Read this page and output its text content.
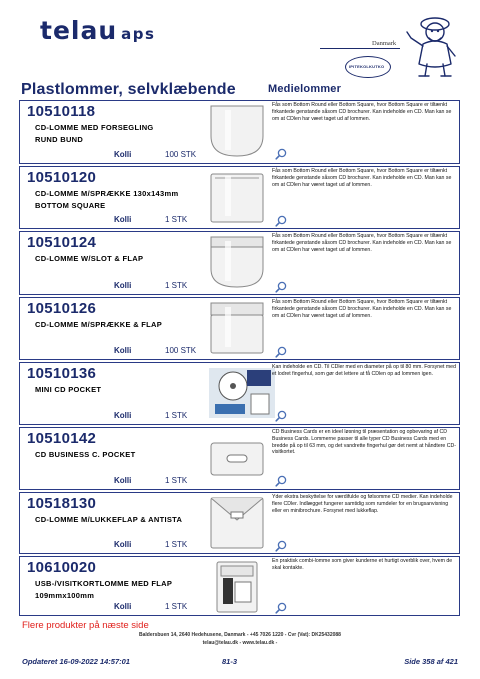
telau aps
Danmark
IPITEKOLKUTKO
Plastlommer, selvklæbende	Medielommer
10510118
CD-LOMME MED FORSEGLING
RUND BUND
Kolli	100 STK
Fås som Bottom Round eller Bottom Square, hvor Bottom Square er tiltænkt firkantede genstande såsom CD brochurer. Kan indeholde en CD. Man kan se om at CDlen har væet taget ud af lommen.
10510120
CD-LOMME M/SPRÆKKE 130x143mm
BOTTOM SQUARE
Kolli	1 STK
Fås som Bottom Round eller Bottom Square, hvor Bottom Square er tiltænkt firkantede genstande såsom CD brochurer. Kan indeholde en CD. Man kan se om at CDlen har været taget ud af lommen.
10510124
CD-LOMME W/SLOT & FLAP
Kolli	1 STK
Fås som Bottom Round eller Bottom Square, hvor Bottom Square er tiltænkt firkantede genstande såsom CD brochurer. Kan indeholde en CD. Man kan se om at CDlen har været taget ud af lommen.
10510126
CD-LOMME M/SPRÆKKE & FLAP
Kolli	100 STK
Fås som Bottom Round eller Bottom Square, hvor Bottom Square er tiltænkt firkantede genstande såsom CD brochurer. Kan indeholde en CD. Man kan se om at CDlen har været taget ud af lommen.
10510136
MINI CD POCKET
Kolli	1 STK
Kan indeholde en CD. Til CDler med en diameter på op til 80 mm. Forsynet med et lodret fingerhul, som gør det lettere at få CDlen op ad lommen igen.
10510142
CD BUSINESS C. POCKET
Kolli	1 STK
CD Business Cards er en ideel løsning til præsentation og opbevaring af CD Business Cards. Lommerne passer til alle typer CD Business Cards med en bredde på op til 63 mm, og det vandrette fingerhul gør det nemt at håndtere CD-visitkortet.
10518130
CD-LOMME M/LUKKEFLAP & ANTISTA
Kolli	1 STK
Yder ekstra beskyttelse for værdifulde og følsomme CD medier. Kan indeholde flere CDler. Indlægget fungerer samtidig som rumdeler for en brugsanvisning eller en minibrochure. Forsynet med lukkeflap.
10610020
USB-/VISITKORTLOMME MED FLAP
109mmx100mm
Kolli	1 STK
En praktisk combi-lomme som giver kunderne et hurtigt overblik over, hvem de skal kontakte.
Flere produkter på næste side
Baldersbuen 14, 2640 Hedehusene, Danmark - +45 7026 1220 - Cvr (Vat): DK25432088
telau@telau.dk - www.telau.dk -
Opdateret 16-09-2022 14:57:01	81-3	Side 358 af 421
